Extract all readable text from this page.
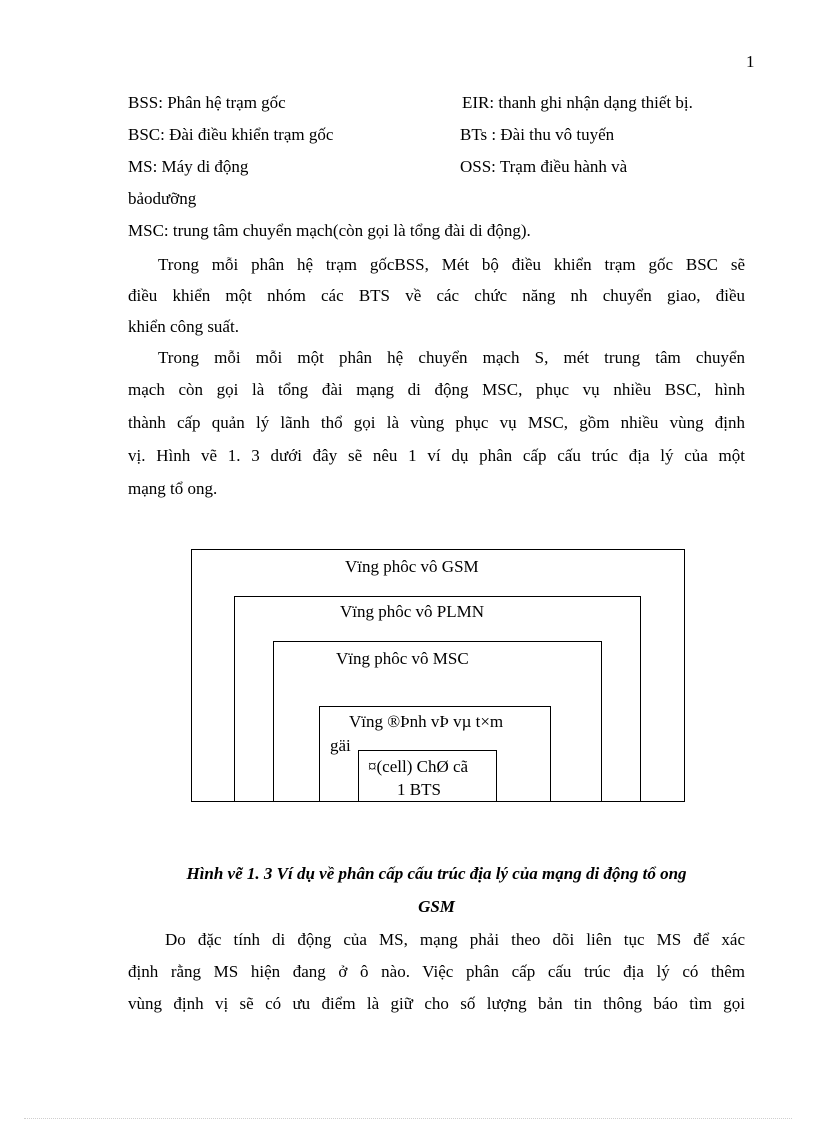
1
BSS: Phân hệ trạm gốc	EIR: thanh ghi nhận dạng thiết bị.
BSC: Đài điều khiển trạm gốc	BTs : Đài thu vô tuyến
MS: Máy di động	OSS: Trạm điều hành và
bảodưỡng
MSC: trung tâm chuyển mạch(còn gọi là tổng đài di động).
Trong mỗi phân hệ trạm gốcBSS, Mét bộ điều khiển trạm gốc BSC sẽ
điều khiển một nhóm các BTS về các chức năng nh chuyển giao, điều
khiển công suất.
Trong mỗi mỗi một phân hệ chuyển mạch S, mét trung tâm chuyển
mạch còn gọi là tổng đài mạng di động MSC, phục vụ nhiều BSC, hình
thành cấp quản lý lãnh thổ gọi là vùng phục vụ MSC, gồm nhiều vùng định
vị. Hình vẽ 1. 3 dưới đây sẽ nêu 1 ví dụ phân cấp cấu trúc địa lý của một
mạng tổ ong.
Vïng phôc vô GSM
Vïng phôc vô PLMN
Vïng phôc vô MSC
Vïng ®Þnh vÞ vµ t×m
gäi
¤(cell) ChØ cã
1 BTS
Hình vẽ 1. 3 Ví dụ về phân cấp cấu trúc địa lý của mạng di động tổ ong
GSM
Do đặc tính di động của MS, mạng phải theo dõi liên tục MS để xác
định rằng MS hiện đang ở ô nào. Việc phân cấp cấu trúc địa lý có thêm
vùng định vị sẽ có ưu điểm là giữ cho số lượng bản tin thông báo tìm gọi
